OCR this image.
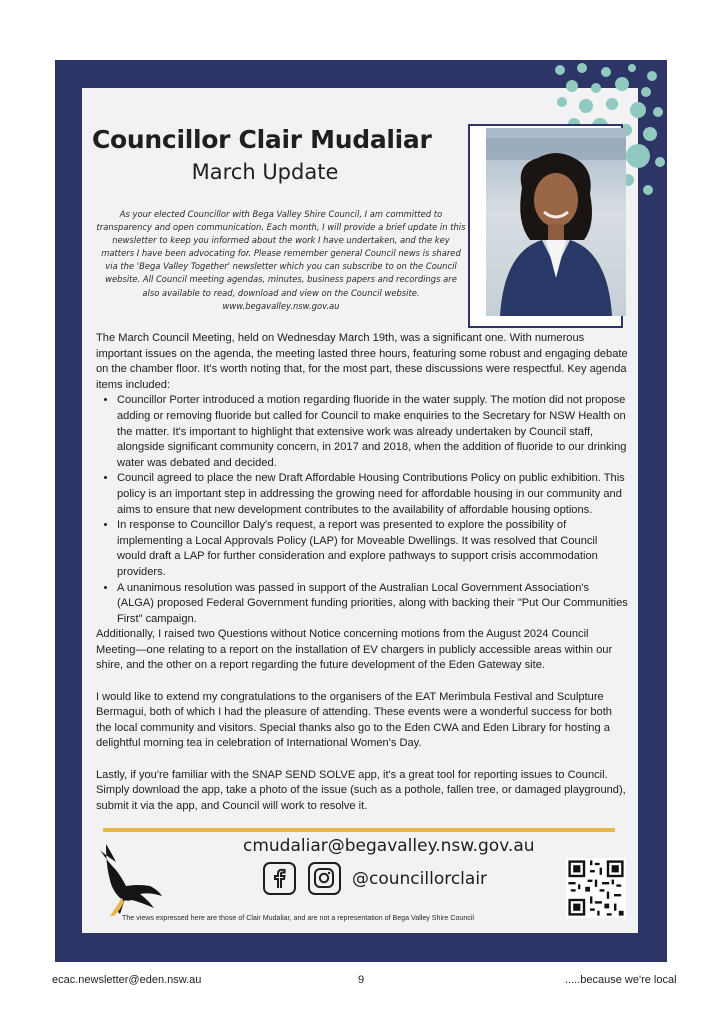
Councillor Clair Mudaliar
March Update

As your elected Councillor with Bega Valley Shire Council, I am committed to transparency and open communication. Each month, I will provide a brief update in this newsletter to keep you informed about the work I have undertaken, and the key matters I have been advocating for. Please remember general Council news is shared via the 'Bega Valley Together' newsletter which you can subscribe to on the Council website. All Council meeting agendas, minutes, business papers and recordings are also available to read, download and view on the Council website. www.begavalley.nsw.gov.au

The March Council Meeting, held on Wednesday March 19th, was a significant one. With numerous important issues on the agenda, the meeting lasted three hours, featuring some robust and engaging debate on the chamber floor. It's worth noting that, for the most part, these discussions were respectful. Key agenda items included:

• Councillor Porter introduced a motion regarding fluoride in the water supply. The motion did not propose adding or removing fluoride but called for Council to make enquiries to the Secretary for NSW Health on the matter. It's important to highlight that extensive work was already undertaken by Council staff, alongside significant community concern, in 2017 and 2018, when the addition of fluoride to our drinking water was debated and decided.
• Council agreed to place the new Draft Affordable Housing Contributions Policy on public exhibition. This policy is an important step in addressing the growing need for affordable housing in our community and aims to ensure that new development contributes to the availability of affordable housing options.
• In response to Councillor Daly's request, a report was presented to explore the possibility of implementing a Local Approvals Policy (LAP) for Moveable Dwellings. It was resolved that Council would draft a LAP for further consideration and explore pathways to support crisis accommodation providers.
• A unanimous resolution was passed in support of the Australian Local Government Association's (ALGA) proposed Federal Government funding priorities, along with backing their "Put Our Communities First" campaign.

Additionally, I raised two Questions without Notice concerning motions from the August 2024 Council Meeting—one relating to a report on the installation of EV chargers in publicly accessible areas within our shire, and the other on a report regarding the future development of the Eden Gateway site.

I would like to extend my congratulations to the organisers of the EAT Merimbula Festival and Sculpture Bermagui, both of which I had the pleasure of attending. These events were a wonderful success for both the local community and visitors. Special thanks also go to the Eden CWA and Eden Library for hosting a delightful morning tea in celebration of International Women's Day.

Lastly, if you're familiar with the SNAP SEND SOLVE app, it's a great tool for reporting issues to Council. Simply download the app, take a photo of the issue (such as a pothole, fallen tree, or damaged playground), submit it via the app, and Council will work to resolve it.

cmudaliar@begavalley.nsw.gov.au

@councillorclair

The views expressed here are those of Clair Mudaliar, and are not a representation of Bega Valley Shire Council

ecac.newsletter@eden.nsw.au	9	.....because we're local
